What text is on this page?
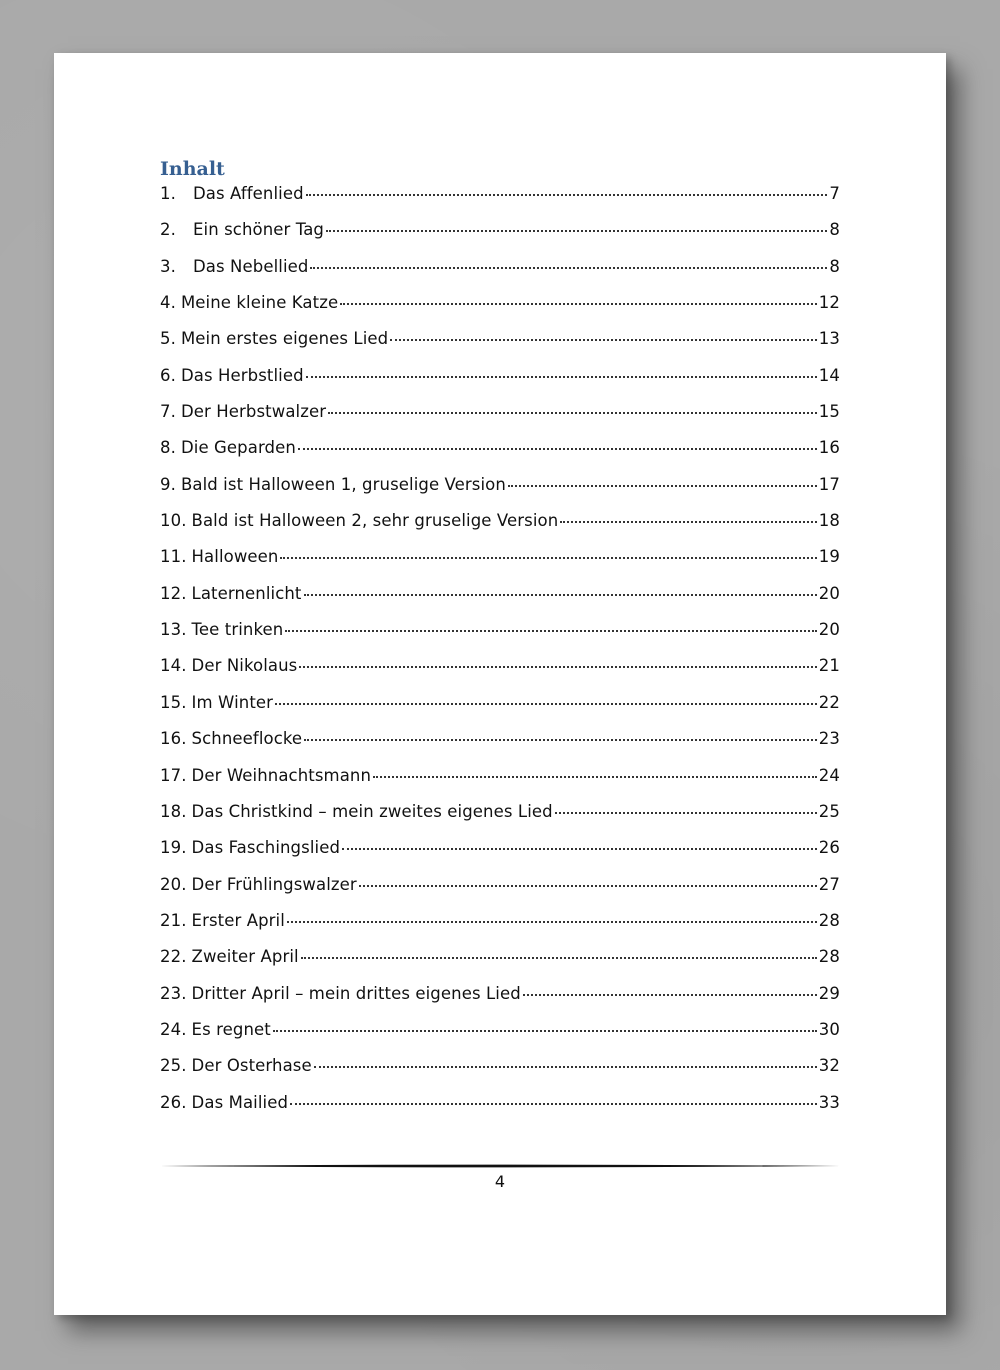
Inhalt
1.	Das Affenlied	7
2.	Ein schöner Tag	8
3.	Das Nebellied	8
4. Meine kleine Katze	12
5. Mein erstes eigenes Lied	13
6. Das Herbstlied	14
7. Der Herbstwalzer	15
8. Die Geparden	16
9. Bald ist Halloween 1, gruselige Version	17
10. Bald ist Halloween 2, sehr gruselige Version	18
11. Halloween	19
12. Laternenlicht	20
13. Tee trinken	20
14. Der Nikolaus	21
15. Im Winter	22
16. Schneeflocke	23
17. Der Weihnachtsmann	24
18. Das Christkind – mein zweites eigenes Lied	25
19. Das Faschingslied	26
20. Der Frühlingswalzer	27
21. Erster April	28
22. Zweiter April	28
23. Dritter April – mein drittes eigenes Lied	29
24. Es regnet	30
25. Der Osterhase	32
26. Das Mailied	33
4
